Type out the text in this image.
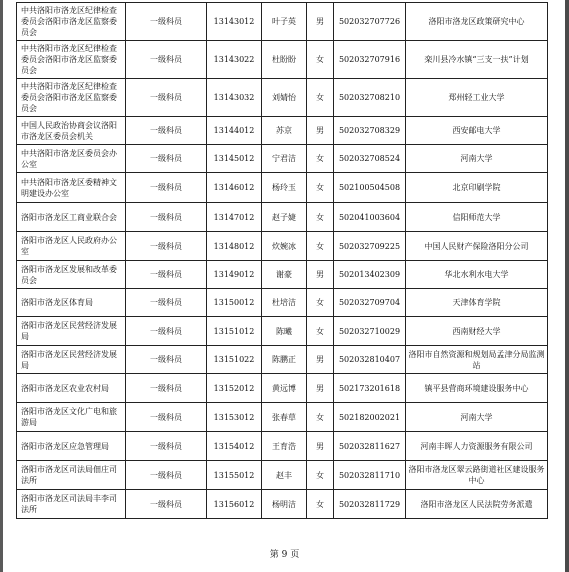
中共洛阳市洛龙区纪律检查委员会洛阳市洛龙区监察委员会	一级科员	13143012	叶子英	男	502032707726	洛阳市洛龙区政策研究中心
中共洛阳市洛龙区纪律检查委员会洛阳市洛龙区监察委员会	一级科员	13143022	杜盼盼	女	502032707916	栾川县冷水镇“三支一扶”计划
中共洛阳市洛龙区纪律检查委员会洛阳市洛龙区监察委员会	一级科员	13143032	刘婧怡	女	502032708210	郑州轻工业大学
中国人民政治协商会议洛阳市洛龙区委员会机关	一级科员	13144012	苏京	男	502032708329	西安邮电大学
中共洛阳市洛龙区委员会办公室	一级科员	13145012	宁君洁	女	502032708524	河南大学
中共洛阳市洛龙区委精神文明建设办公室	一级科员	13146012	杨玲玉	女	502100504508	北京印刷学院
洛阳市洛龙区工商业联合会	一级科员	13147012	赵子婕	女	502041003604	信阳师范大学
洛阳市洛龙区人民政府办公室	一级科员	13148012	炊婉冰	女	502032709225	中国人民财产保险洛阳分公司
洛阳市洛龙区发展和改革委员会	一级科员	13149012	谢豪	男	502013402309	华北水利水电大学
洛阳市洛龙区体育局	一级科员	13150012	杜培洁	女	502032709704	天津体育学院
洛阳市洛龙区民营经济发展局	一级科员	13151012	陈曦	女	502032710029	西南财经大学
洛阳市洛龙区民营经济发展局	一级科员	13151022	陈鹏正	男	502032810407	洛阳市自然资源和规划局孟津分局监测站
洛阳市洛龙区农业农村局	一级科员	13152012	黄远博	男	502173201618	镇平县营商环境建设服务中心
洛阳市洛龙区文化广电和旅游局	一级科员	13153012	张春草	女	502182002021	河南大学
洛阳市洛龙区应急管理局	一级科员	13154012	王育浩	男	502032811627	河南丰晖人力资源服务有限公司
洛阳市洛龙区司法局佃庄司法所	一级科员	13155012	赵丰	女	502032811710	洛阳市洛龙区翠云路街道社区建设服务中心
洛阳市洛龙区司法局丰李司法所	一级科员	13156012	杨明洁	女	502032811729	洛阳市洛龙区人民法院劳务派遣
第 9 页
